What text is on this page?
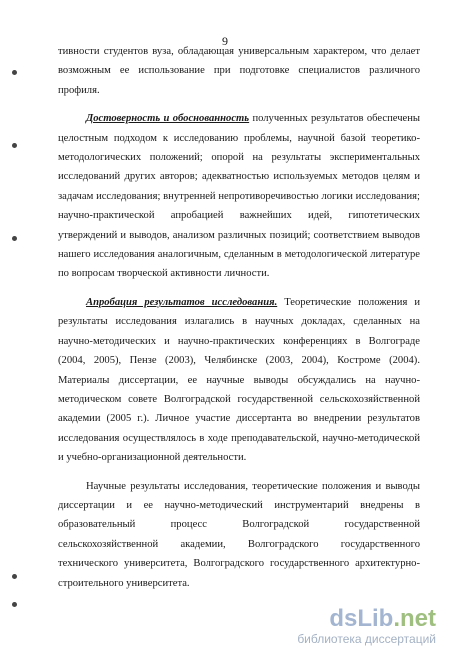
9

тивности студентов вуза, обладающая универсальным характером, что делает возможным ее использование при подготовке специалистов различного профиля.

Достоверность и обоснованность полученных результатов обеспечены целостным подходом к исследованию проблемы, научной базой теоретико-методологических положений; опорой на результаты экспериментальных исследований других авторов; адекватностью используемых методов целям и задачам исследования; внутренней непротиворечивостью логики исследования; научно-практической апробацией важнейших идей, гипотетических утверждений и выводов, анализом различных позиций; соответствием выводов нашего исследования аналогичным, сделанным в методологической литературе по вопросам творческой активности личности.

Апробация результатов исследования. Теоретические положения и результаты исследования излагались в научных докладах, сделанных на научно-методических и научно-практических конференциях в Волгограде (2004, 2005), Пензе (2003), Челябинске (2003, 2004), Костроме (2004). Материалы диссертации, ее научные выводы обсуждались на научно-методическом совете Волгоградской государственной сельскохозяйственной академии (2005 г.). Личное участие диссертанта во внедрении результатов исследования осуществлялось в ходе преподавательской, научно-методической и учебно-организационной деятельности.

Научные результаты исследования, теоретические положения и выводы диссертации и ее научно-методический инструментарий внедрены в образовательный процесс Волгоградской государственной сельскохозяйственной академии, Волгоградского государственного технического университета, Волгоградского государственного архитектурно-строительного университета.

dsLib.net
библиотека диссертаций
